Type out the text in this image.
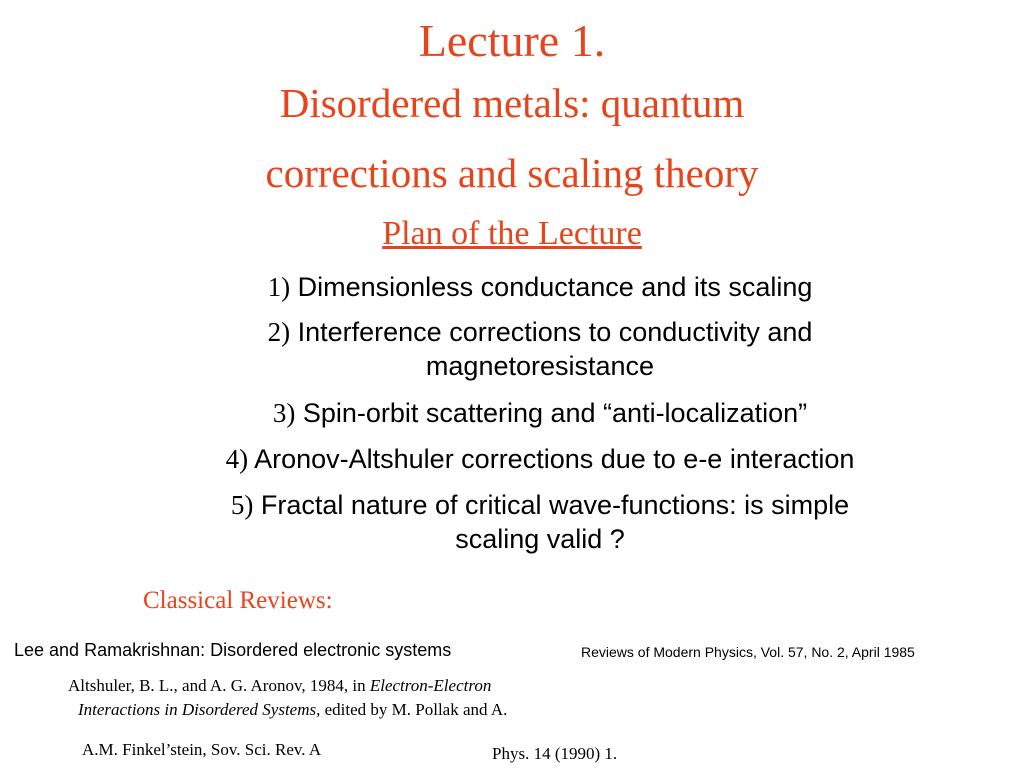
Lecture 1.
Disordered metals: quantum
corrections and scaling theory
Plan of the Lecture
1) Dimensionless conductance and its scaling
2) Interference corrections to conductivity and
magnetoresistance
3) Spin-orbit scattering and “anti-localization”
4) Aronov-Altshuler corrections due to e-e interaction
5) Fractal nature of critical wave-functions: is simple
scaling valid ?
Classical Reviews:
Lee and Ramakrishnan: Disordered electronic systems	Reviews of Modern Physics, Vol. 57, No. 2, April 1985
Altshuler, B. L., and A. G. Aronov, 1984, in Electron-Electron
Interactions in Disordered Systems, edited by M. Pollak and A.
A.M. Finkel’stein, Sov. Sci. Rev. A	Phys. 14 (1990) 1.
